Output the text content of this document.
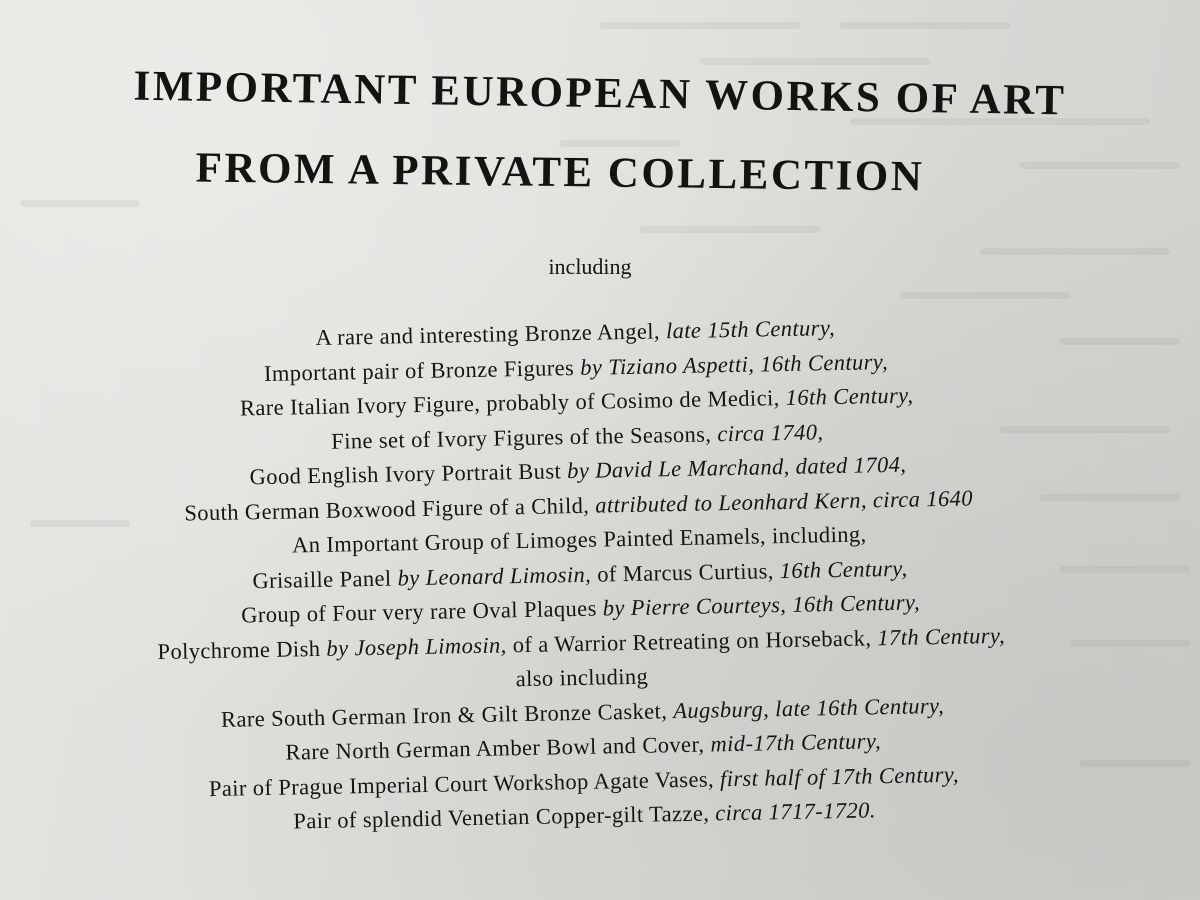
IMPORTANT EUROPEAN WORKS OF ART
FROM A PRIVATE COLLECTION
including
A rare and interesting Bronze Angel, late 15th Century,
Important pair of Bronze Figures by Tiziano Aspetti, 16th Century,
Rare Italian Ivory Figure, probably of Cosimo de Medici, 16th Century,
Fine set of Ivory Figures of the Seasons, circa 1740,
Good English Ivory Portrait Bust by David Le Marchand, dated 1704,
South German Boxwood Figure of a Child, attributed to Leonhard Kern, circa 1640
An Important Group of Limoges Painted Enamels, including,
Grisaille Panel by Leonard Limosin, of Marcus Curtius, 16th Century,
Group of Four very rare Oval Plaques by Pierre Courteys, 16th Century,
Polychrome Dish by Joseph Limosin, of a Warrior Retreating on Horseback, 17th Century,
also including
Rare South German Iron & Gilt Bronze Casket, Augsburg, late 16th Century,
Rare North German Amber Bowl and Cover, mid-17th Century,
Pair of Prague Imperial Court Workshop Agate Vases, first half of 17th Century,
Pair of splendid Venetian Copper-gilt Tazze, circa 1717-1720.
